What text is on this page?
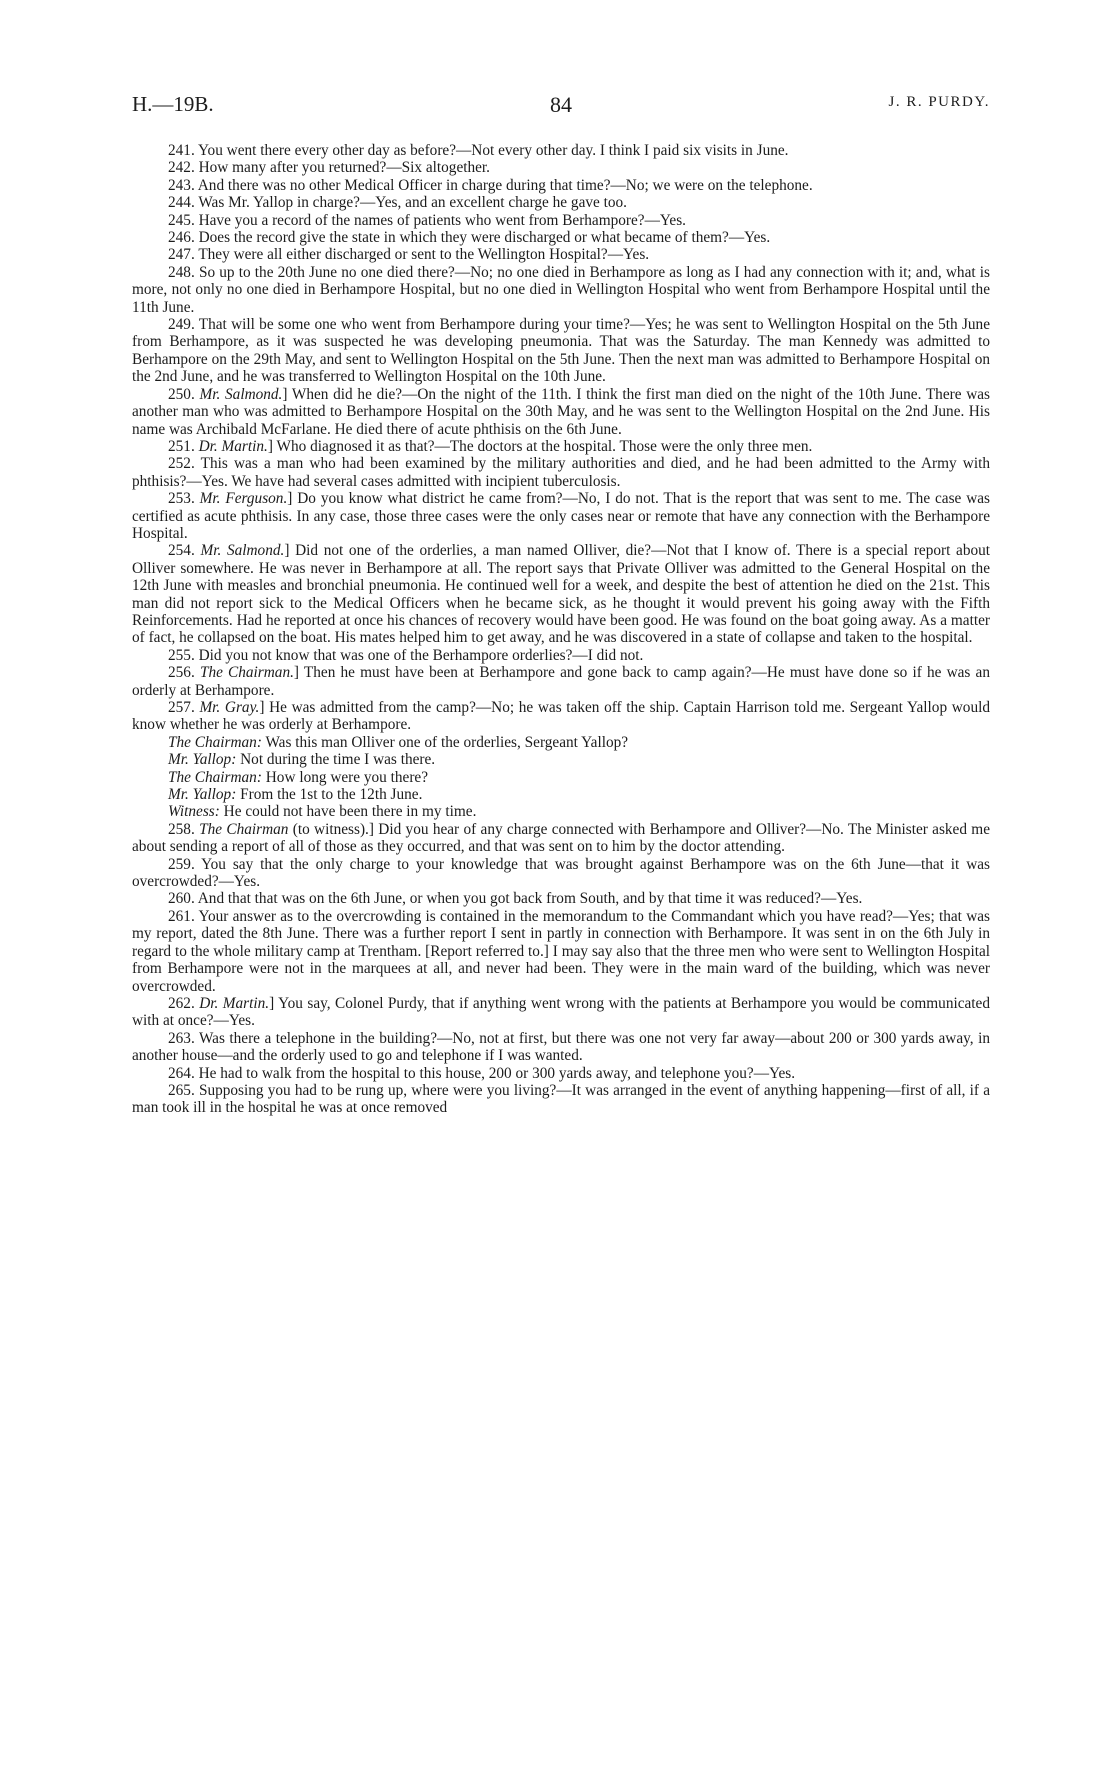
H.—19B.	84	J. R. PURDY.

241. You went there every other day as before?—Not every other day. I think I paid six visits in June.

242. How many after you returned?—Six altogether.

243. And there was no other Medical Officer in charge during that time?—No; we were on the telephone.

244. Was Mr. Yallop in charge?—Yes, and an excellent charge he gave too.

245. Have you a record of the names of patients who went from Berhampore?—Yes.

246. Does the record give the state in which they were discharged or what became of them?—Yes.

247. They were all either discharged or sent to the Wellington Hospital?—Yes.

248. So up to the 20th June no one died there?—No; no one died in Berhampore as long as I had any connection with it; and, what is more, not only no one died in Berhampore Hospital, but no one died in Wellington Hospital who went from Berhampore Hospital until the 11th June.

249. That will be some one who went from Berhampore during your time?—Yes; he was sent to Wellington Hospital on the 5th June from Berhampore, as it was suspected he was developing pneumonia. That was the Saturday. The man Kennedy was admitted to Berhampore on the 29th May, and sent to Wellington Hospital on the 5th June. Then the next man was admitted to Berhampore Hospital on the 2nd June, and he was transferred to Wellington Hospital on the 10th June.

250. Mr. Salmond.] When did he die?—On the night of the 11th. I think the first man died on the night of the 10th June. There was another man who was admitted to Berhampore Hospital on the 30th May, and he was sent to the Wellington Hospital on the 2nd June. His name was Archibald McFarlane. He died there of acute phthisis on the 6th June.

251. Dr. Martin.] Who diagnosed it as that?—The doctors at the hospital. Those were the only three men.

252. This was a man who had been examined by the military authorities and died, and he had been admitted to the Army with phthisis?—Yes. We have had several cases admitted with incipient tuberculosis.

253. Mr. Ferguson.] Do you know what district he came from?—No, I do not. That is the report that was sent to me. The case was certified as acute phthisis. In any case, those three cases were the only cases near or remote that have any connection with the Berhampore Hospital.

254. Mr. Salmond.] Did not one of the orderlies, a man named Olliver, die?—Not that I know of. There is a special report about Olliver somewhere. He was never in Berhampore at all. The report says that Private Olliver was admitted to the General Hospital on the 12th June with measles and bronchial pneumonia. He continued well for a week, and despite the best of attention he died on the 21st. This man did not report sick to the Medical Officers when he became sick, as he thought it would prevent his going away with the Fifth Reinforcements. Had he reported at once his chances of recovery would have been good. He was found on the boat going away. As a matter of fact, he collapsed on the boat. His mates helped him to get away, and he was discovered in a state of collapse and taken to the hospital.

255. Did you not know that was one of the Berhampore orderlies?—I did not.

256. The Chairman.] Then he must have been at Berhampore and gone back to camp again?—He must have done so if he was an orderly at Berhampore.

257. Mr. Gray.] He was admitted from the camp?—No; he was taken off the ship. Captain Harrison told me. Sergeant Yallop would know whether he was orderly at Berhampore.

The Chairman: Was this man Olliver one of the orderlies, Sergeant Yallop?

Mr. Yallop: Not during the time I was there.

The Chairman: How long were you there?

Mr. Yallop: From the 1st to the 12th June.

Witness: He could not have been there in my time.

258. The Chairman (to witness).] Did you hear of any charge connected with Berhampore and Olliver?—No. The Minister asked me about sending a report of all of those as they occurred, and that was sent on to him by the doctor attending.

259. You say that the only charge to your knowledge that was brought against Berhampore was on the 6th June—that it was overcrowded?—Yes.

260. And that that was on the 6th June, or when you got back from South, and by that time it was reduced?—Yes.

261. Your answer as to the overcrowding is contained in the memorandum to the Commandant which you have read?—Yes; that was my report, dated the 8th June. There was a further report I sent in partly in connection with Berhampore. It was sent in on the 6th July in regard to the whole military camp at Trentham. [Report referred to.] I may say also that the three men who were sent to Wellington Hospital from Berhampore were not in the marquees at all, and never had been. They were in the main ward of the building, which was never overcrowded.

262. Dr. Martin.] You say, Colonel Purdy, that if anything went wrong with the patients at Berhampore you would be communicated with at once?—Yes.

263. Was there a telephone in the building?—No, not at first, but there was one not very far away—about 200 or 300 yards away, in another house—and the orderly used to go and telephone if I was wanted.

264. He had to walk from the hospital to this house, 200 or 300 yards away, and telephone you?—Yes.

265. Supposing you had to be rung up, where were you living?—It was arranged in the event of anything happening—first of all, if a man took ill in the hospital he was at once removed
